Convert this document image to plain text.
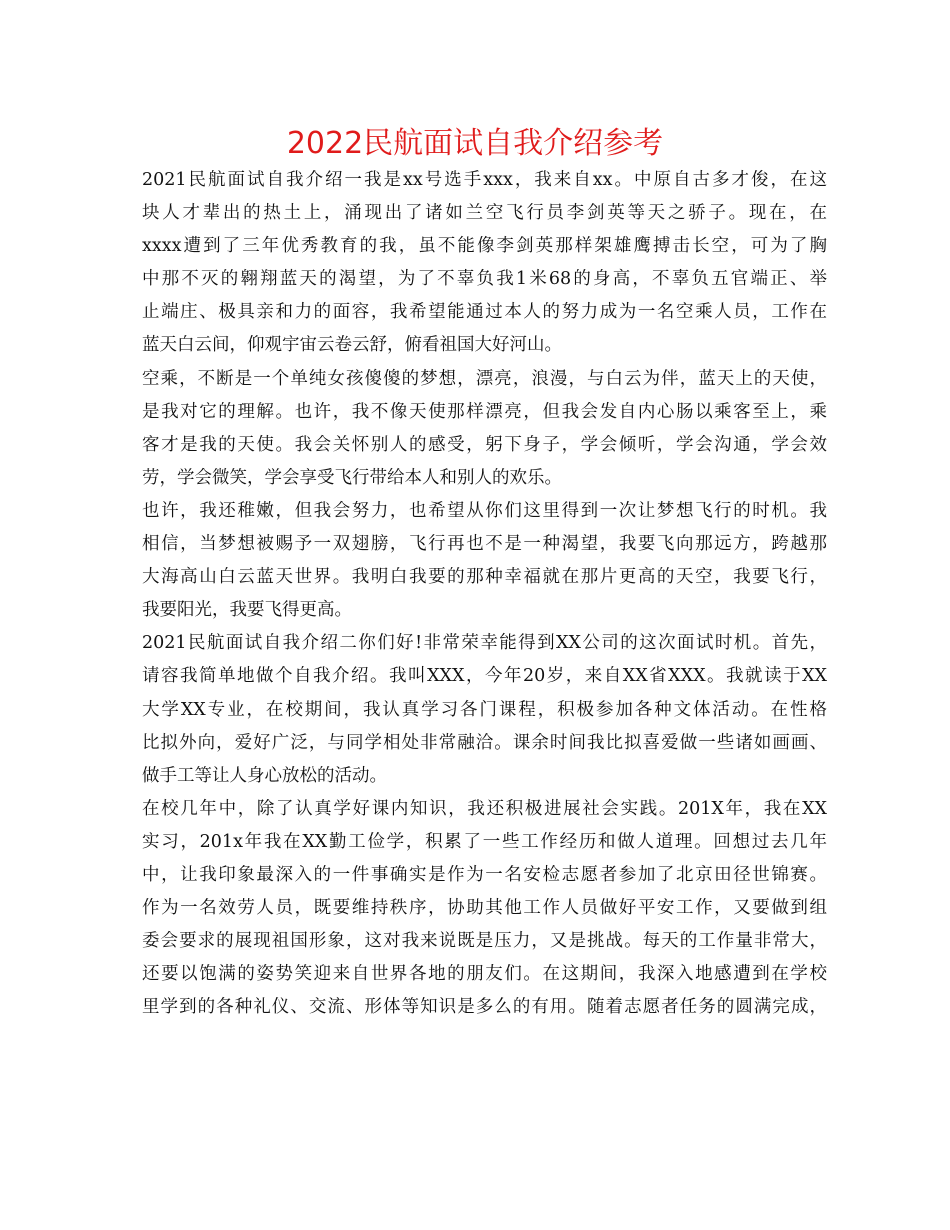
2022民航面试自我介绍参考
2021民航面试自我介绍一我是xx号选手xxx，我来自xx。中原自古多才俊，在这
块人才辈出的热土上，涌现出了诸如兰空飞行员李剑英等天之骄子。现在，在
xxxx遭到了三年优秀教育的我，虽不能像李剑英那样架雄鹰搏击长空，可为了胸
中那不灭的翱翔蓝天的渴望，为了不辜负我1米68的身高，不辜负五官端正、举
止端庄、极具亲和力的面容，我希望能通过本人的努力成为一名空乘人员，工作在
蓝天白云间，仰观宇宙云卷云舒，俯看祖国大好河山。
空乘，不断是一个单纯女孩傻傻的梦想，漂亮，浪漫，与白云为伴，蓝天上的天使，
是我对它的理解。也许，我不像天使那样漂亮，但我会发自内心肠以乘客至上，乘
客才是我的天使。我会关怀别人的感受，躬下身子，学会倾听，学会沟通，学会效
劳，学会微笑，学会享受飞行带给本人和别人的欢乐。
也许，我还稚嫩，但我会努力，也希望从你们这里得到一次让梦想飞行的时机。我
相信，当梦想被赐予一双翅膀，飞行再也不是一种渴望，我要飞向那远方，跨越那
大海高山白云蓝天世界。我明白我要的那种幸福就在那片更高的天空，我要飞行，
我要阳光，我要飞得更高。
2021民航面试自我介绍二你们好!非常荣幸能得到XX公司的这次面试时机。首先，
请容我简单地做个自我介绍。我叫XXX，今年20岁，来自XX省XXX。我就读于XX
大学XX专业，在校期间，我认真学习各门课程，积极参加各种文体活动。在性格
比拟外向，爱好广泛，与同学相处非常融洽。课余时间我比拟喜爱做一些诸如画画、
做手工等让人身心放松的活动。
在校几年中，除了认真学好课内知识，我还积极进展社会实践。201X年，我在XX
实习，201x年我在XX勤工俭学，积累了一些工作经历和做人道理。回想过去几年
中，让我印象最深入的一件事确实是作为一名安检志愿者参加了北京田径世锦赛。
作为一名效劳人员，既要维持秩序，协助其他工作人员做好平安工作，又要做到组
委会要求的展现祖国形象，这对我来说既是压力，又是挑战。每天的工作量非常大，
还要以饱满的姿势笑迎来自世界各地的朋友们。在这期间，我深入地感遭到在学校
里学到的各种礼仪、交流、形体等知识是多么的有用。随着志愿者任务的圆满完成，
